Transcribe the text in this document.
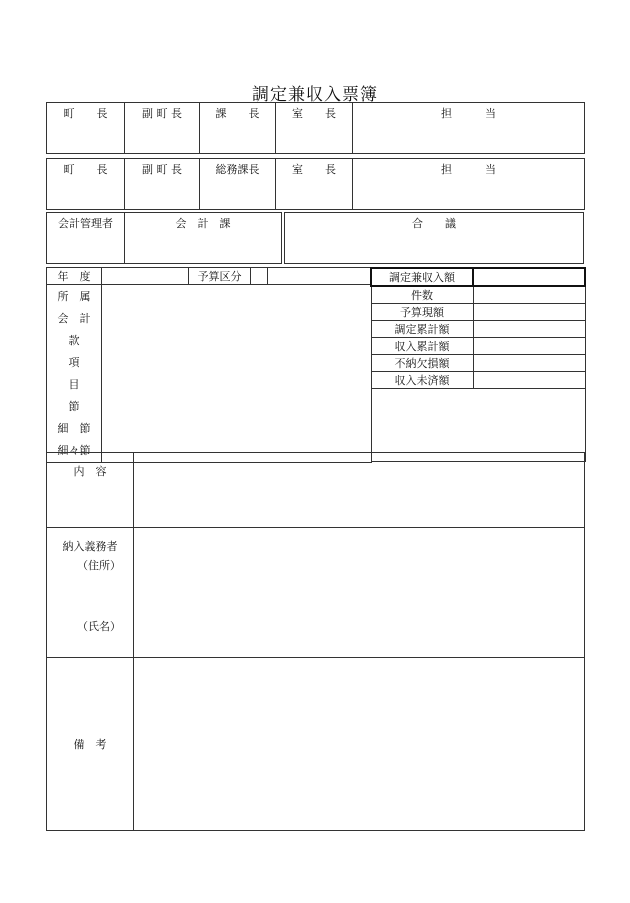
調定兼収入票簿
町　　長	副 町 長	課　　長	室　　長	担　　　当
町　　長	副 町 長	総務課長	室　　長	担　　　当
会計管理者	会　計　課	合　　議
年　度		予算区分		
所　属
会　計
款
項
目
節
細　節
細々節

調定兼収入額	
件数	
予算現額	
調定累計額	
収入累計額	
不納欠損額	
収入未済額	

内　容	

納入義務者
（住所）
（氏名）	

備　考	
